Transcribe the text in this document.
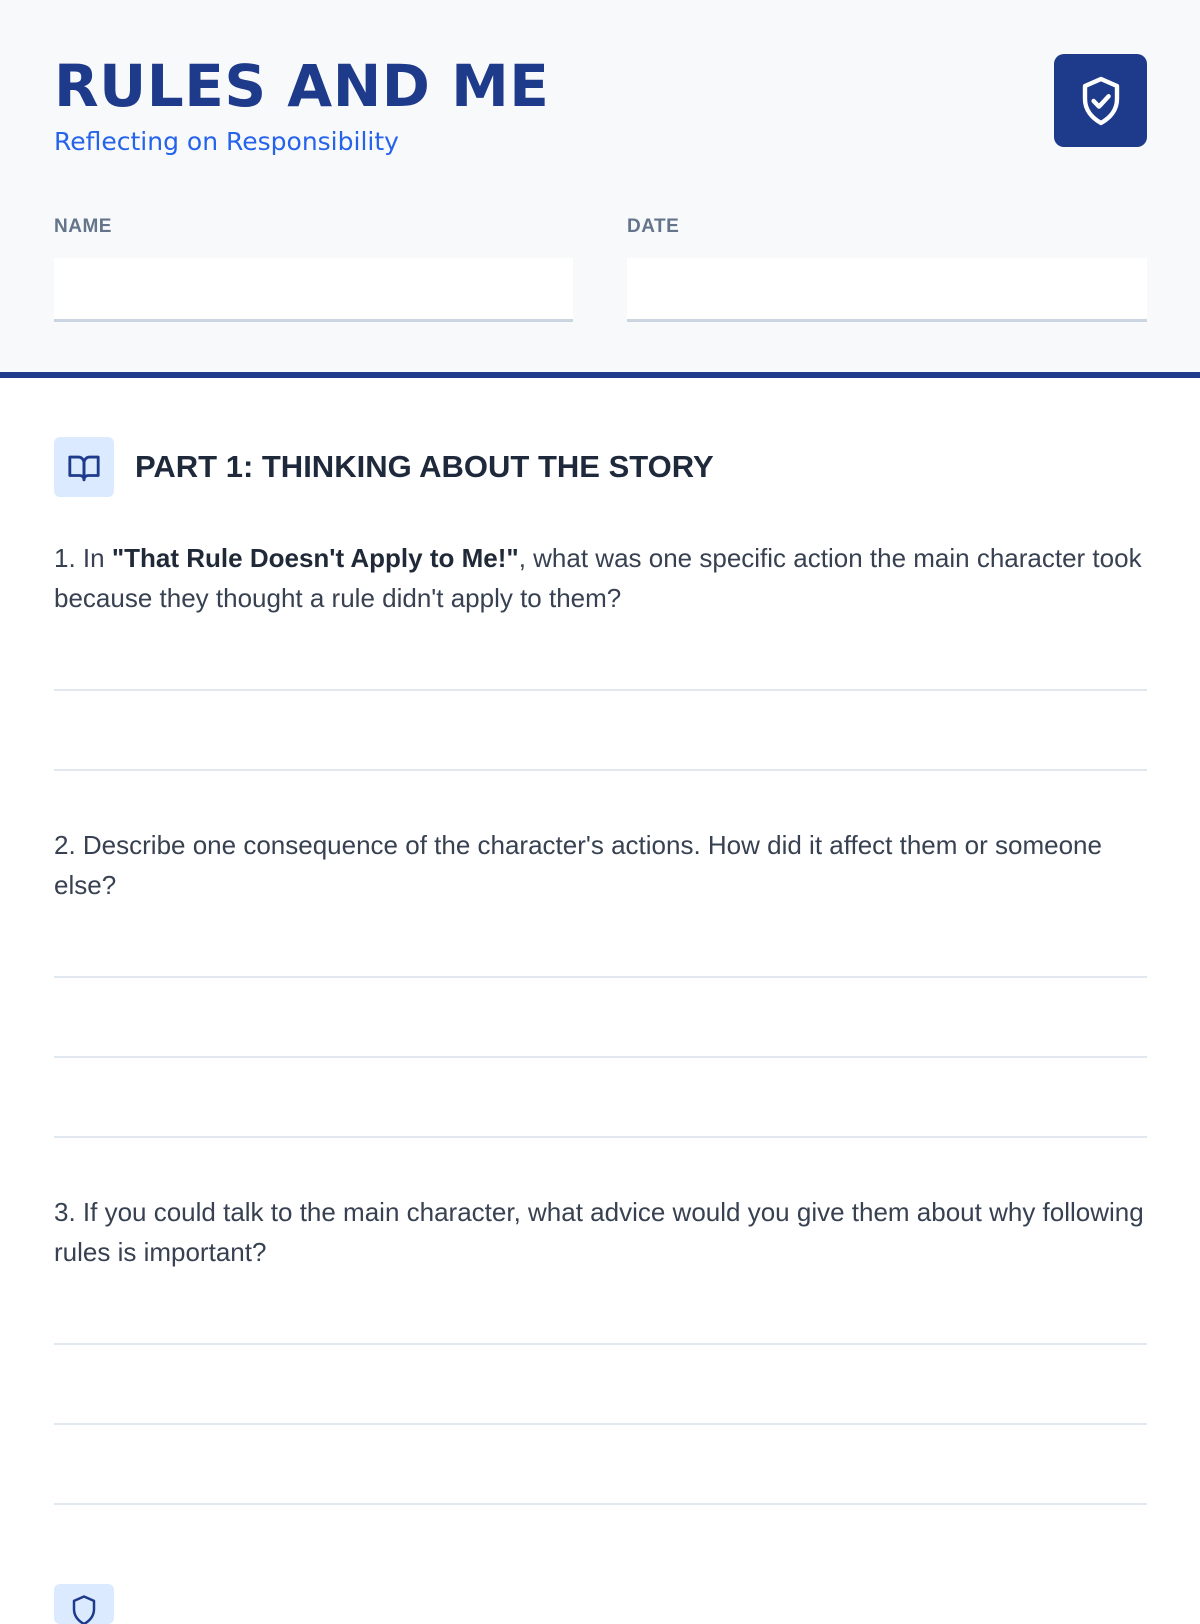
RULES AND ME
Reflecting on Responsibility
NAME	DATE
PART 1: THINKING ABOUT THE STORY
1. In "That Rule Doesn't Apply to Me!", what was one specific action the main character took because they thought a rule didn't apply to them?
2. Describe one consequence of the character's actions. How did it affect them or someone else?
3. If you could talk to the main character, what advice would you give them about why following rules is important?
